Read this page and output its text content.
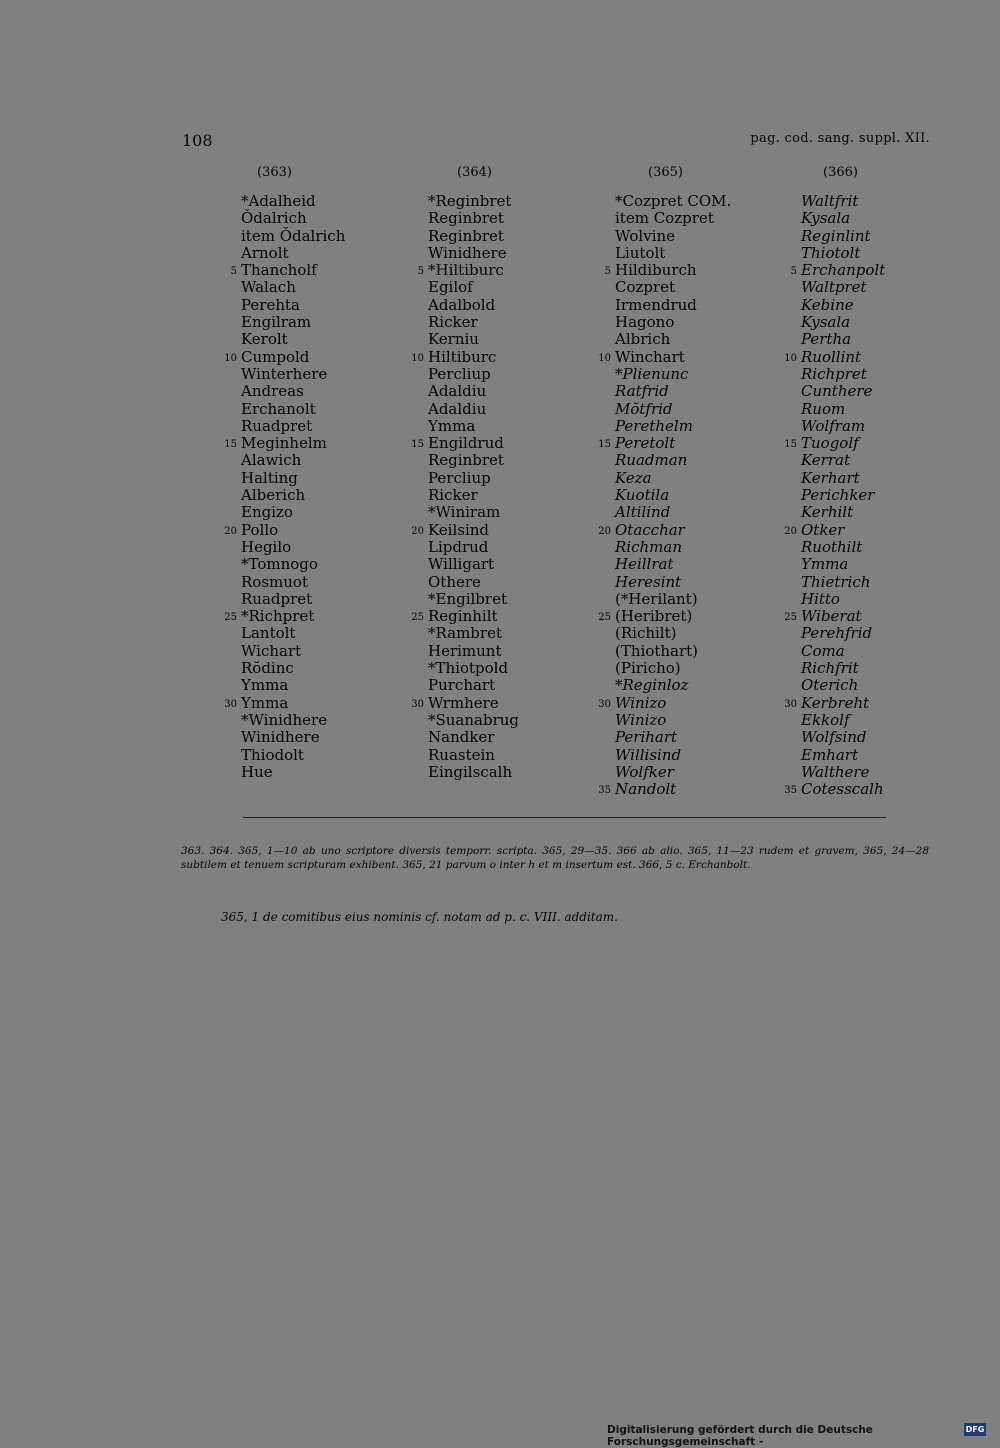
108	pag. cod. sang. suppl. XII.
(363)
*Adalheid
Ǒdalrich
item Ǒdalrich
Arnolt
5 Thancholf
Walach
Perehta
Engilram
Kerolt
10 Cumpold
Winterhere
Andreas
Erchanolt
Ruadpret
15 Meginhelm
Alawich
Halting
Alberich
Engizo
20 Pollo
Hegilo
*Tomnogo
Rosmuot
Ruadpret
25 *Richpret
Lantolt
Wichart
Rŏdinc
Ymma
30 Ymma
*Winidhere
Winidhere
Thiodolt
Hue
(364)
*Reginbret
Reginbret
Reginbret
Winidhere
5 *Hiltiburc
Egilof
Adalbold
Ricker
Kerniu
10 Hiltiburc
Percliup
Adaldiu
Adaldiu
Ymma
15 Engildrud
Reginbret
Percliup
Ricker
*Winiram
20 Keilsind
Lipdrud
Willigart
Othere
*Engilbret
25 Reginhilt
*Rambret
Herimunt
*Thiotpold
Purchart
30 Wrmhere
*Suanabrug
Nandker
Ruastein
Eingilscalh
(365)
*Cozpret COM.
item Cozpret
Wolvine
Liutolt
5 Hildiburch
Cozpret
Irmendrud
Hagono
Albrich
10 Winchart
*Plienunc
Ratfrid
Mŏtfrid
Perethelm
15 Peretolt
Ruadman
Keza
Kuotila
Altilind
20 Otacchar
Richman
Heillrat
Heresint
(*Herilant)
25 (Heribret)
(Richilt)
(Thiothart)
(Piricho)
*Reginloz
30 Winizo
Winizo
Perihart
Willisind
Wolfker
35 Nandolt
(366)
Waltfrit
Kysala
Reginlint
Thiotolt
5 Erchanpolt
Waltpret
Kebine
Kysala
Pertha
10 Ruollint
Richpret
Cunthere
Ruom
Wolfram
15 Tuogolf
Kerrat
Kerhart
Perichker
Kerhilt
20 Otker
Ruothilt
Ymma
Thietrich
Hitto
25 Wiberat
Perehfrid
Coma
Richfrit
Oterich
30 Kerbreht
Ekkolf
Wolfsind
Emhart
Walthere
35 Cotesscalh
363. 364. 365, 1—10 ab uno scriptore diversis temporr. scripta. 365, 29—35. 366 ab alio. 365, 11—23 rudem et gravem, 365, 24—28 subtilem et tenuem scripturam exhibent. 365, 21 parvum o inter h et m insertum est. 366, 5 c. Erchanbolt.
365, 1 de comitibus eius nominis cf. notam ad p. c. VIII. additam.
Digitalisierung gefördert durch die Deutsche Forschungsgemeinschaft -
DFG
